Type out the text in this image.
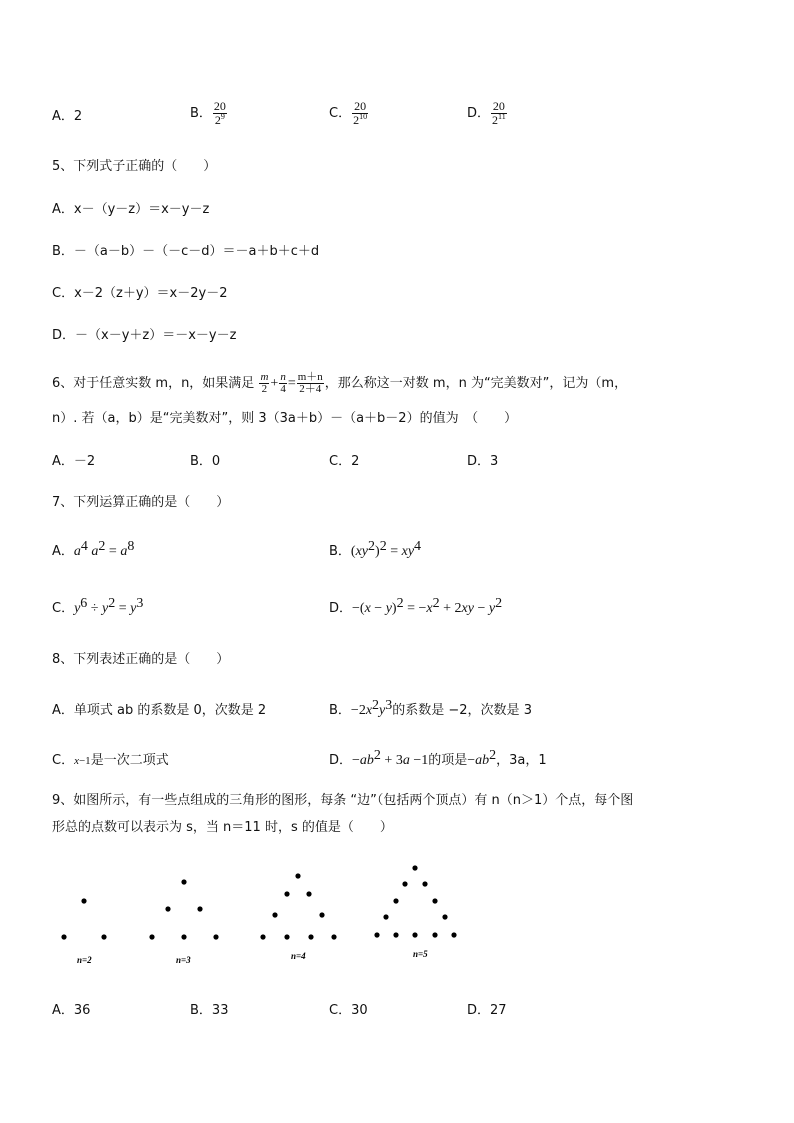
A．2	B． $\frac{20}{2^9}$	C． $\frac{20}{2^{10}}$	D． $\frac{20}{2^{11}}$
5、下列式子正确的（　　）
A．x－（y－z）＝x－y－z
B．－（a－b）－（－c－d）＝－a＋b＋c＋d
C．x－2（z＋y）＝x－2y－2
D．－（x－y＋z）＝－x－y－z
6、对于任意实数 m，n，如果满足 $\frac{m}{2} + \frac{n}{4} = \frac{m+n}{2+4}$ ，那么称这一对数 m，n 为“完美数对”，记为（m，
n）. 若（a，b）是“完美数对”，则 3（3a＋b）－（a＋b－2）的值为　（　　）
A．－2	B．0	C．2	D．3
7、下列运算正确的是（　　）
A．$a^4$ $a^2 = a^8$	B．$(xy^2)^2 = xy^4$
C．$y^6 \div y^2 = y^3$	D．$-(x - y)^2 = -x^2 + 2xy - y^2$
8、下列表述正确的是（　　）
A．单项式 ab 的系数是 0，次数是 2	B．$-2x^2y^3$的系数是 −2，次数是 3
C．x−1是一次二项式	D．$-ab^2 + 3a -1$的项是$-ab^2$，3a，1
9、如图所示，有一些点组成的三角形的图形，每条 “边”（包括两个顶点）有 n（n＞1）个点，每个图
形总的点数可以表示为 s，当 n＝11 时，s 的值是（　　）
n=2	n=3	n=4	n=5
A．36	B．33	C．30	D．27
